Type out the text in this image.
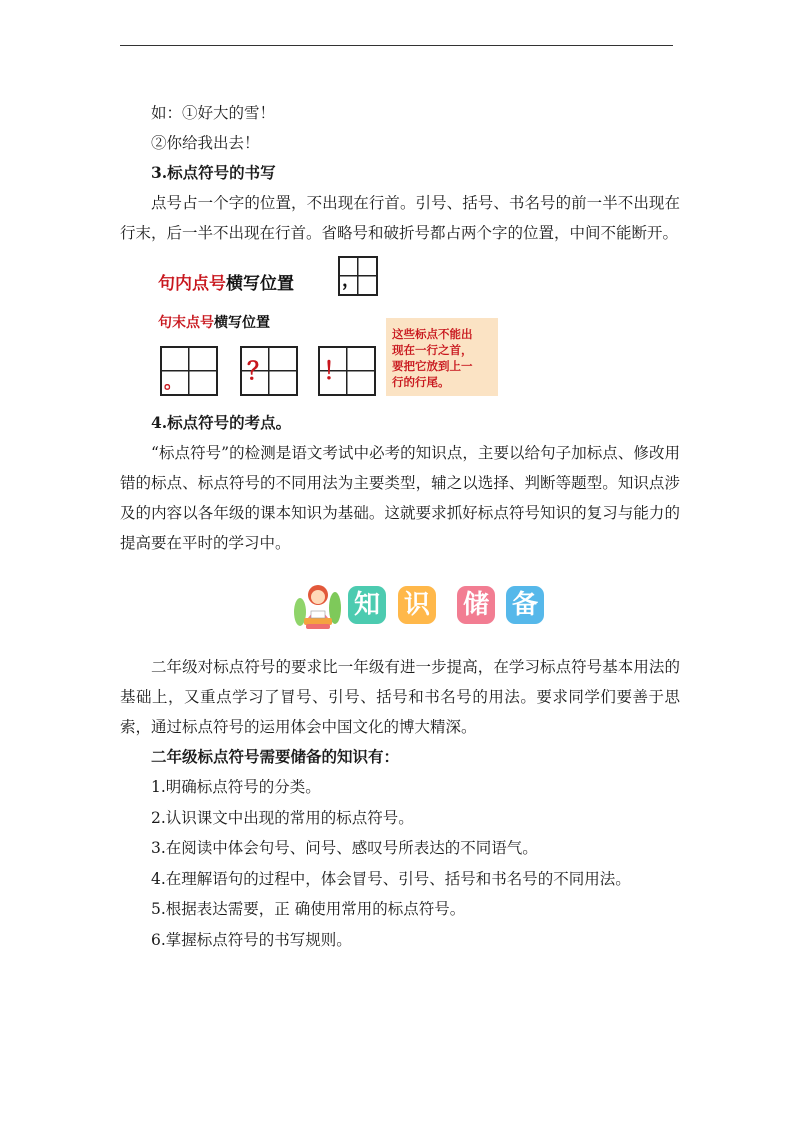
如：①好大的雪！
②你给我出去！
3.标点符号的书写

点号占一个字的位置，不出现在行首。引号、括号、书名号的前一半不出现在行末，后一半不出现在行首。省略号和破折号都占两个字的位置，中间不能断开。

句内点号横写位置	，
句末点号横写位置
。	？ ！
这些标点不能出
现在一行之首，
要把它放到上一
行的行尾。
4.标点符号的考点。

“标点符号”的检测是语文考试中必考的知识点，主要以给句子加标点、修改用错的标点、标点符号的不同用法为主要类型，辅之以选择、判断等题型。知识点涉及的内容以各年级的课本知识为基础。这就要求抓好标点符号知识的复习与能力的提高要在平时的学习中。

知 识 储 备

二年级对标点符号的要求比一年级有进一步提高，在学习标点符号基本用法的基础上，又重点学习了冒号、引号、括号和书名号的用法。要求同学们要善于思索，通过标点符号的运用体会中国文化的博大精深。

二年级标点符号需要储备的知识有：
1.明确标点符号的分类。
2.认识课文中出现的常用的标点符号。
3.在阅读中体会句号、问号、感叹号所表达的不同语气。
4.在理解语句的过程中，体会冒号、引号、括号和书名号的不同用法。
5.根据表达需要，正 确使用常用的标点符号。
6.掌握标点符号的书写规则。
